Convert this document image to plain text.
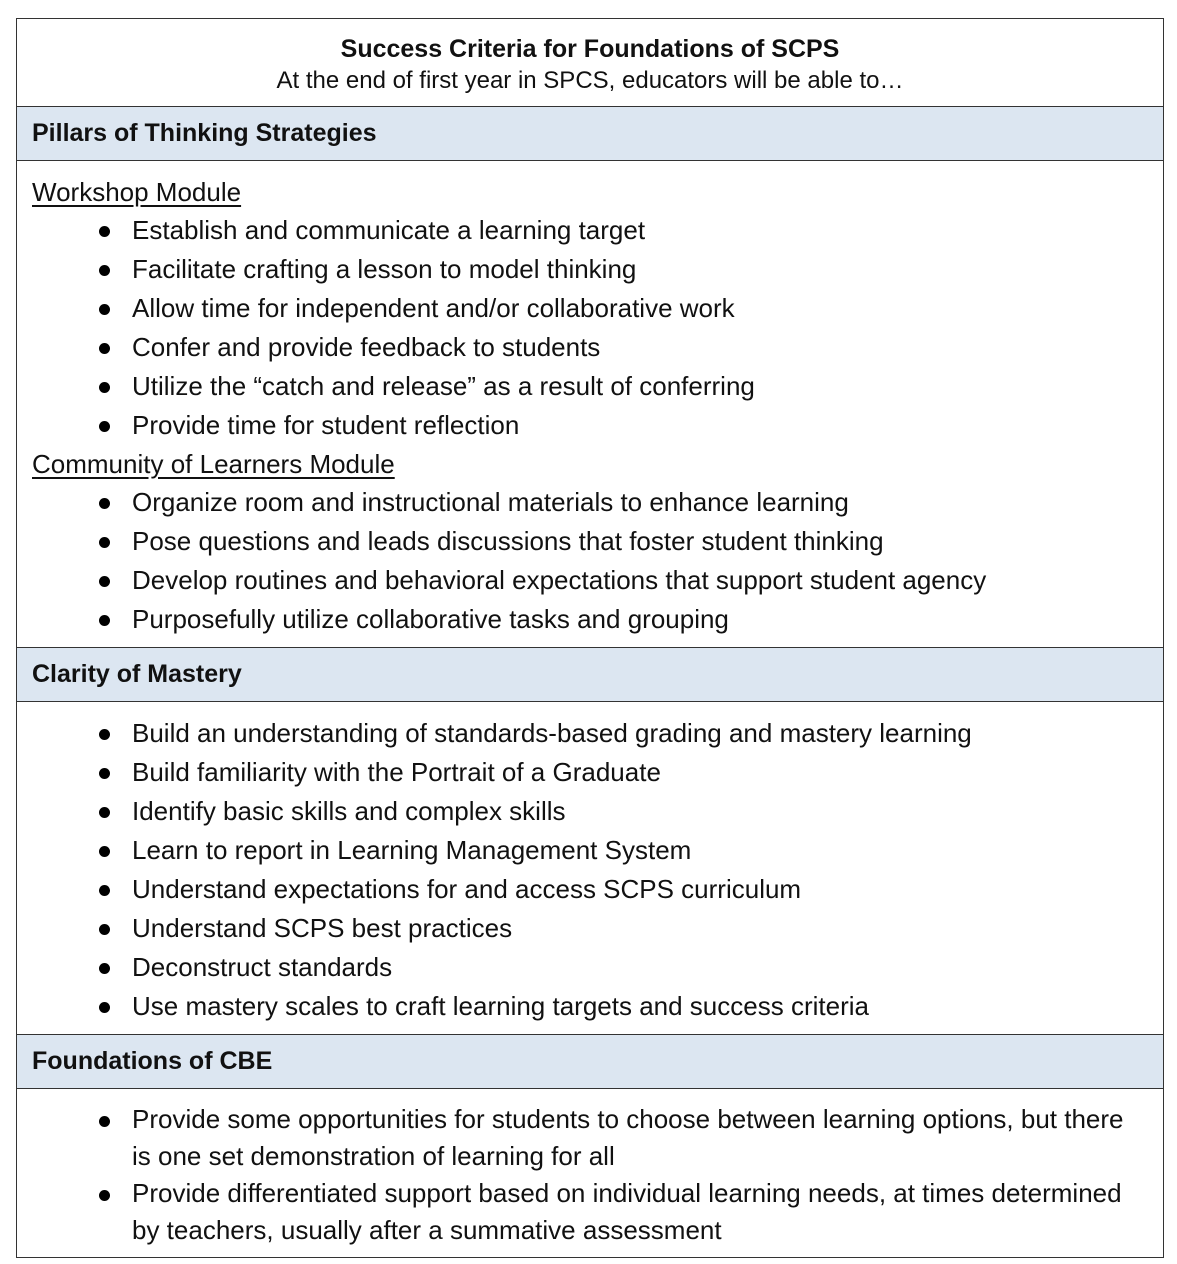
Success Criteria for Foundations of SCPS
At the end of first year in SPCS, educators will be able to…
Pillars of Thinking Strategies
Workshop Module
Establish and communicate a learning target
Facilitate crafting a lesson to model thinking
Allow time for independent and/or collaborative work
Confer and provide feedback to students
Utilize the “catch and release” as a result of conferring
Provide time for student reflection
Community of Learners Module
Organize room and instructional materials to enhance learning
Pose questions and leads discussions that foster student thinking
Develop routines and behavioral expectations that support student agency
Purposefully utilize collaborative tasks and grouping
Clarity of Mastery
Build an understanding of standards-based grading and mastery learning
Build familiarity with the Portrait of a Graduate
Identify basic skills and complex skills
Learn to report in Learning Management System
Understand expectations for and access SCPS curriculum
Understand SCPS best practices
Deconstruct standards
Use mastery scales to craft learning targets and success criteria
Foundations of CBE
Provide some opportunities for students to choose between learning options, but there is one set demonstration of learning for all
Provide differentiated support based on individual learning needs, at times determined by teachers, usually after a summative assessment
